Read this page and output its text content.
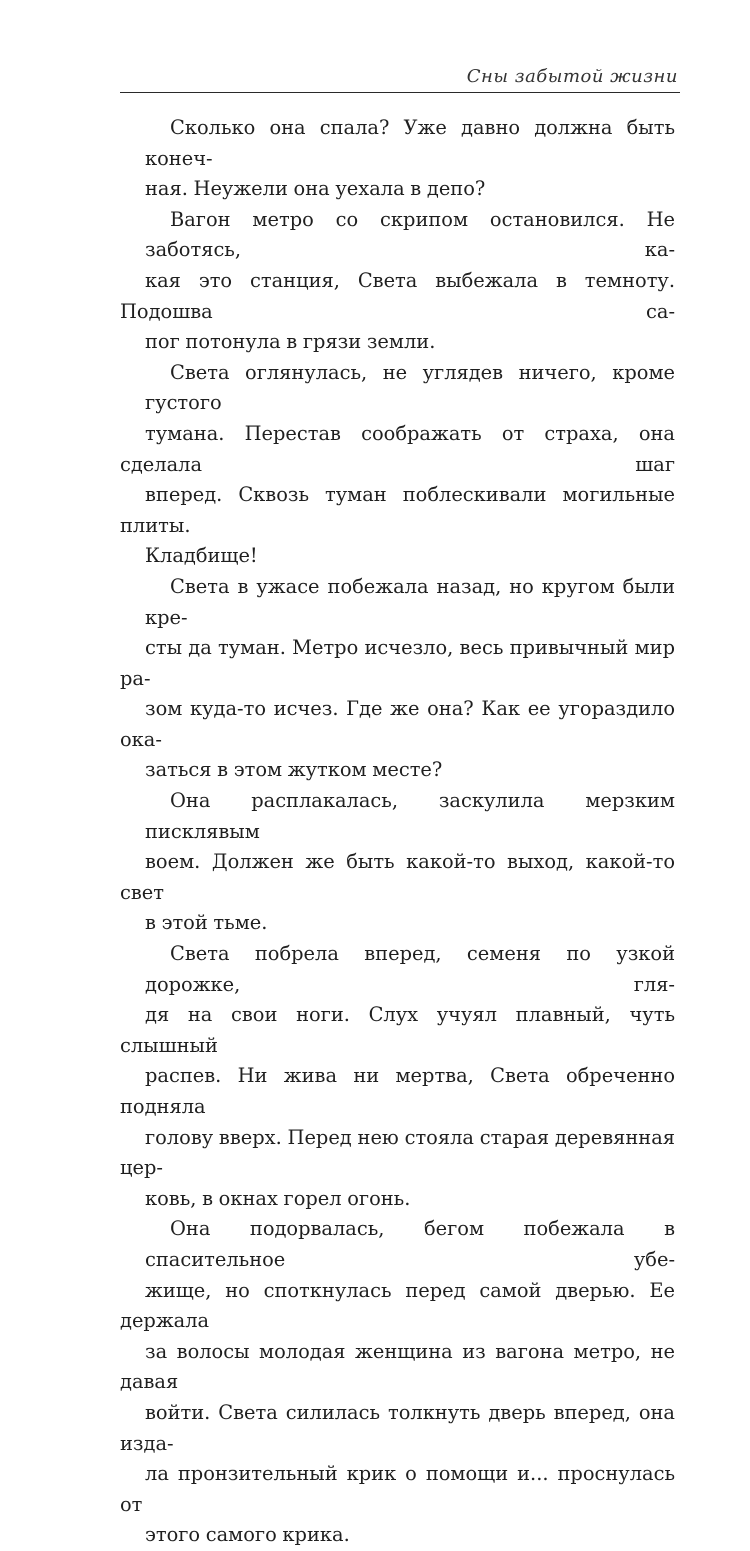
Сны забытой жизни

Сколько она спала? Уже давно должна быть конеч-
ная. Неужели она уехала в депо?

Вагон метро со скрипом остановился. Не заботясь, ка-
кая это станция, Света выбежала в темноту. Подошва са-
пог потонула в грязи земли.

Света оглянулась, не углядев ничего, кроме густого
тумана. Перестав соображать от страха, она сделала шаг
вперед. Сквозь туман поблескивали могильные плиты.
Кладбище!

Света в ужасе побежала назад, но кругом были кре-
сты да туман. Метро исчезло, весь привычный мир ра-
зом куда-то исчез. Где же она? Как ее угораздило ока-
заться в этом жутком месте?

Она расплакалась, заскулила мерзким писклявым
воем. Должен же быть какой-то выход, какой-то свет
в этой тьме.

Света побрела вперед, семеня по узкой дорожке, гля-
дя на свои ноги. Слух учуял плавный, чуть слышный
распев. Ни жива ни мертва, Света обреченно подняла
голову вверх. Перед нею стояла старая деревянная цер-
ковь, в окнах горел огонь.

Она подорвалась, бегом побежала в спасительное убе-
жище, но споткнулась перед самой дверью. Ее держала
за волосы молодая женщина из вагона метро, не давая
войти. Света силилась толкнуть дверь вперед, она изда-
ла пронзительный крик о помощи и... проснулась от
этого самого крика.
